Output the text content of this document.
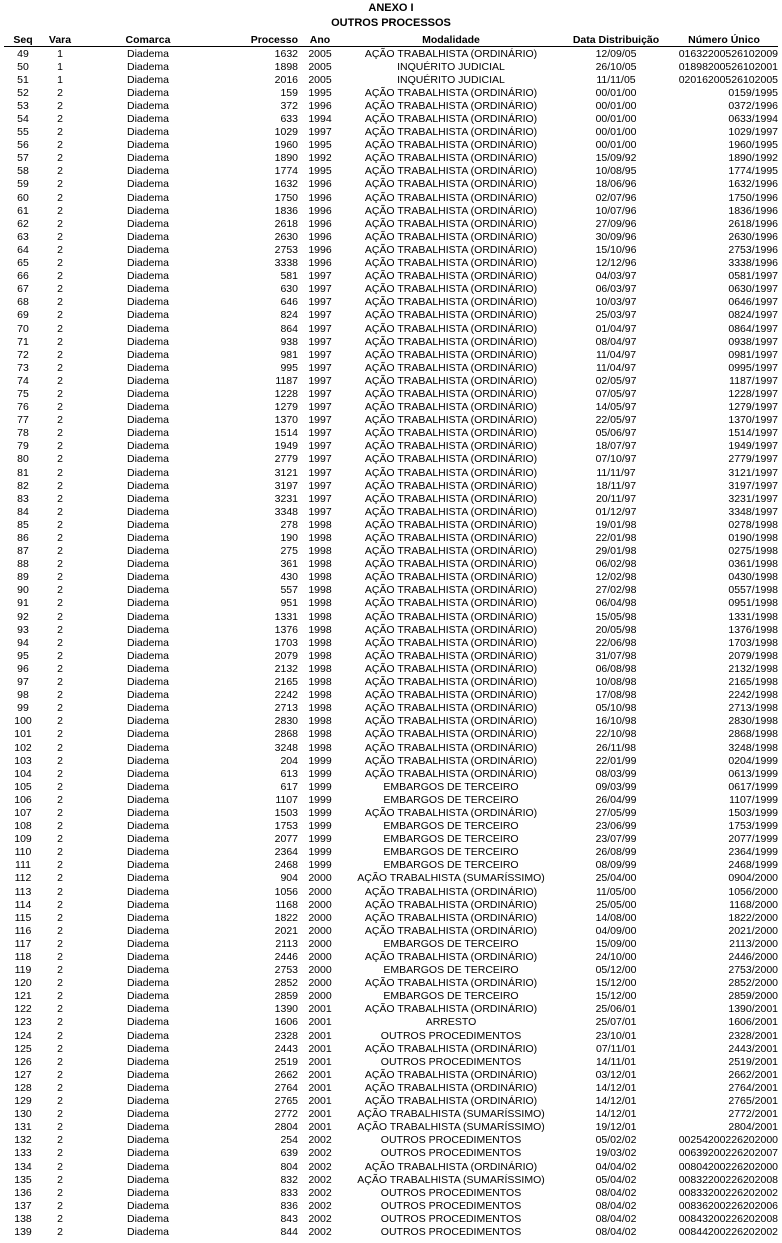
ANEXO I
OUTROS PROCESSOS
Seq	Vara	Comarca	Processo	Ano	Modalidade	Data Distribuição	Número Único
49	1	Diadema	1632	2005	AÇÃO TRABALHISTA (ORDINÁRIO)	12/09/05	01632200526102009
50	1	Diadema	1898	2005	INQUÉRITO JUDICIAL	26/10/05	01898200526102001
51	1	Diadema	2016	2005	INQUÉRITO JUDICIAL	11/11/05	02016200526102005
52	2	Diadema	159	1995	AÇÃO TRABALHISTA (ORDINÁRIO)	00/01/00	0159/1995
53	2	Diadema	372	1996	AÇÃO TRABALHISTA (ORDINÁRIO)	00/01/00	0372/1996
54	2	Diadema	633	1994	AÇÃO TRABALHISTA (ORDINÁRIO)	00/01/00	0633/1994
55	2	Diadema	1029	1997	AÇÃO TRABALHISTA (ORDINÁRIO)	00/01/00	1029/1997
56	2	Diadema	1960	1995	AÇÃO TRABALHISTA (ORDINÁRIO)	00/01/00	1960/1995
57	2	Diadema	1890	1992	AÇÃO TRABALHISTA (ORDINÁRIO)	15/09/92	1890/1992
58	2	Diadema	1774	1995	AÇÃO TRABALHISTA (ORDINÁRIO)	10/08/95	1774/1995
59	2	Diadema	1632	1996	AÇÃO TRABALHISTA (ORDINÁRIO)	18/06/96	1632/1996
60	2	Diadema	1750	1996	AÇÃO TRABALHISTA (ORDINÁRIO)	02/07/96	1750/1996
61	2	Diadema	1836	1996	AÇÃO TRABALHISTA (ORDINÁRIO)	10/07/96	1836/1996
62	2	Diadema	2618	1996	AÇÃO TRABALHISTA (ORDINÁRIO)	27/09/96	2618/1996
63	2	Diadema	2630	1996	AÇÃO TRABALHISTA (ORDINÁRIO)	30/09/96	2630/1996
64	2	Diadema	2753	1996	AÇÃO TRABALHISTA (ORDINÁRIO)	15/10/96	2753/1996
65	2	Diadema	3338	1996	AÇÃO TRABALHISTA (ORDINÁRIO)	12/12/96	3338/1996
66	2	Diadema	581	1997	AÇÃO TRABALHISTA (ORDINÁRIO)	04/03/97	0581/1997
67	2	Diadema	630	1997	AÇÃO TRABALHISTA (ORDINÁRIO)	06/03/97	0630/1997
68	2	Diadema	646	1997	AÇÃO TRABALHISTA (ORDINÁRIO)	10/03/97	0646/1997
69	2	Diadema	824	1997	AÇÃO TRABALHISTA (ORDINÁRIO)	25/03/97	0824/1997
70	2	Diadema	864	1997	AÇÃO TRABALHISTA (ORDINÁRIO)	01/04/97	0864/1997
71	2	Diadema	938	1997	AÇÃO TRABALHISTA (ORDINÁRIO)	08/04/97	0938/1997
72	2	Diadema	981	1997	AÇÃO TRABALHISTA (ORDINÁRIO)	11/04/97	0981/1997
73	2	Diadema	995	1997	AÇÃO TRABALHISTA (ORDINÁRIO)	11/04/97	0995/1997
74	2	Diadema	1187	1997	AÇÃO TRABALHISTA (ORDINÁRIO)	02/05/97	1187/1997
75	2	Diadema	1228	1997	AÇÃO TRABALHISTA (ORDINÁRIO)	07/05/97	1228/1997
76	2	Diadema	1279	1997	AÇÃO TRABALHISTA (ORDINÁRIO)	14/05/97	1279/1997
77	2	Diadema	1370	1997	AÇÃO TRABALHISTA (ORDINÁRIO)	22/05/97	1370/1997
78	2	Diadema	1514	1997	AÇÃO TRABALHISTA (ORDINÁRIO)	05/06/97	1514/1997
79	2	Diadema	1949	1997	AÇÃO TRABALHISTA (ORDINÁRIO)	18/07/97	1949/1997
80	2	Diadema	2779	1997	AÇÃO TRABALHISTA (ORDINÁRIO)	07/10/97	2779/1997
81	2	Diadema	3121	1997	AÇÃO TRABALHISTA (ORDINÁRIO)	11/11/97	3121/1997
82	2	Diadema	3197	1997	AÇÃO TRABALHISTA (ORDINÁRIO)	18/11/97	3197/1997
83	2	Diadema	3231	1997	AÇÃO TRABALHISTA (ORDINÁRIO)	20/11/97	3231/1997
84	2	Diadema	3348	1997	AÇÃO TRABALHISTA (ORDINÁRIO)	01/12/97	3348/1997
85	2	Diadema	278	1998	AÇÃO TRABALHISTA (ORDINÁRIO)	19/01/98	0278/1998
86	2	Diadema	190	1998	AÇÃO TRABALHISTA (ORDINÁRIO)	22/01/98	0190/1998
87	2	Diadema	275	1998	AÇÃO TRABALHISTA (ORDINÁRIO)	29/01/98	0275/1998
88	2	Diadema	361	1998	AÇÃO TRABALHISTA (ORDINÁRIO)	06/02/98	0361/1998
89	2	Diadema	430	1998	AÇÃO TRABALHISTA (ORDINÁRIO)	12/02/98	0430/1998
90	2	Diadema	557	1998	AÇÃO TRABALHISTA (ORDINÁRIO)	27/02/98	0557/1998
91	2	Diadema	951	1998	AÇÃO TRABALHISTA (ORDINÁRIO)	06/04/98	0951/1998
92	2	Diadema	1331	1998	AÇÃO TRABALHISTA (ORDINÁRIO)	15/05/98	1331/1998
93	2	Diadema	1376	1998	AÇÃO TRABALHISTA (ORDINÁRIO)	20/05/98	1376/1998
94	2	Diadema	1703	1998	AÇÃO TRABALHISTA (ORDINÁRIO)	22/06/98	1703/1998
95	2	Diadema	2079	1998	AÇÃO TRABALHISTA (ORDINÁRIO)	31/07/98	2079/1998
96	2	Diadema	2132	1998	AÇÃO TRABALHISTA (ORDINÁRIO)	06/08/98	2132/1998
97	2	Diadema	2165	1998	AÇÃO TRABALHISTA (ORDINÁRIO)	10/08/98	2165/1998
98	2	Diadema	2242	1998	AÇÃO TRABALHISTA (ORDINÁRIO)	17/08/98	2242/1998
99	2	Diadema	2713	1998	AÇÃO TRABALHISTA (ORDINÁRIO)	05/10/98	2713/1998
100	2	Diadema	2830	1998	AÇÃO TRABALHISTA (ORDINÁRIO)	16/10/98	2830/1998
101	2	Diadema	2868	1998	AÇÃO TRABALHISTA (ORDINÁRIO)	22/10/98	2868/1998
102	2	Diadema	3248	1998	AÇÃO TRABALHISTA (ORDINÁRIO)	26/11/98	3248/1998
103	2	Diadema	204	1999	AÇÃO TRABALHISTA (ORDINÁRIO)	22/01/99	0204/1999
104	2	Diadema	613	1999	AÇÃO TRABALHISTA (ORDINÁRIO)	08/03/99	0613/1999
105	2	Diadema	617	1999	EMBARGOS DE TERCEIRO	09/03/99	0617/1999
106	2	Diadema	1107	1999	EMBARGOS DE TERCEIRO	26/04/99	1107/1999
107	2	Diadema	1503	1999	AÇÃO TRABALHISTA (ORDINÁRIO)	27/05/99	1503/1999
108	2	Diadema	1753	1999	EMBARGOS DE TERCEIRO	23/06/99	1753/1999
109	2	Diadema	2077	1999	EMBARGOS DE TERCEIRO	23/07/99	2077/1999
110	2	Diadema	2364	1999	EMBARGOS DE TERCEIRO	26/08/99	2364/1999
111	2	Diadema	2468	1999	EMBARGOS DE TERCEIRO	08/09/99	2468/1999
112	2	Diadema	904	2000	AÇÃO TRABALHISTA (SUMARÍSSIMO)	25/04/00	0904/2000
113	2	Diadema	1056	2000	AÇÃO TRABALHISTA (ORDINÁRIO)	11/05/00	1056/2000
114	2	Diadema	1168	2000	AÇÃO TRABALHISTA (ORDINÁRIO)	25/05/00	1168/2000
115	2	Diadema	1822	2000	AÇÃO TRABALHISTA (ORDINÁRIO)	14/08/00	1822/2000
116	2	Diadema	2021	2000	AÇÃO TRABALHISTA (ORDINÁRIO)	04/09/00	2021/2000
117	2	Diadema	2113	2000	EMBARGOS DE TERCEIRO	15/09/00	2113/2000
118	2	Diadema	2446	2000	AÇÃO TRABALHISTA (ORDINÁRIO)	24/10/00	2446/2000
119	2	Diadema	2753	2000	EMBARGOS DE TERCEIRO	05/12/00	2753/2000
120	2	Diadema	2852	2000	AÇÃO TRABALHISTA (ORDINÁRIO)	15/12/00	2852/2000
121	2	Diadema	2859	2000	EMBARGOS DE TERCEIRO	15/12/00	2859/2000
122	2	Diadema	1390	2001	AÇÃO TRABALHISTA (ORDINÁRIO)	25/06/01	1390/2001
123	2	Diadema	1606	2001	ARRESTO	25/07/01	1606/2001
124	2	Diadema	2328	2001	OUTROS PROCEDIMENTOS	23/10/01	2328/2001
125	2	Diadema	2443	2001	AÇÃO TRABALHISTA (ORDINÁRIO)	07/11/01	2443/2001
126	2	Diadema	2519	2001	OUTROS PROCEDIMENTOS	14/11/01	2519/2001
127	2	Diadema	2662	2001	AÇÃO TRABALHISTA (ORDINÁRIO)	03/12/01	2662/2001
128	2	Diadema	2764	2001	AÇÃO TRABALHISTA (ORDINÁRIO)	14/12/01	2764/2001
129	2	Diadema	2765	2001	AÇÃO TRABALHISTA (ORDINÁRIO)	14/12/01	2765/2001
130	2	Diadema	2772	2001	AÇÃO TRABALHISTA (SUMARÍSSIMO)	14/12/01	2772/2001
131	2	Diadema	2804	2001	AÇÃO TRABALHISTA (SUMARÍSSIMO)	19/12/01	2804/2001
132	2	Diadema	254	2002	OUTROS PROCEDIMENTOS	05/02/02	00254200226202000
133	2	Diadema	639	2002	OUTROS PROCEDIMENTOS	19/03/02	00639200226202007
134	2	Diadema	804	2002	AÇÃO TRABALHISTA (ORDINÁRIO)	04/04/02	00804200226202000
135	2	Diadema	832	2002	AÇÃO TRABALHISTA (SUMARÍSSIMO)	05/04/02	00832200226202008
136	2	Diadema	833	2002	OUTROS PROCEDIMENTOS	08/04/02	00833200226202002
137	2	Diadema	836	2002	OUTROS PROCEDIMENTOS	08/04/02	00836200226202006
138	2	Diadema	843	2002	OUTROS PROCEDIMENTOS	08/04/02	00843200226202008
139	2	Diadema	844	2002	OUTROS PROCEDIMENTOS	08/04/02	00844200226202002
